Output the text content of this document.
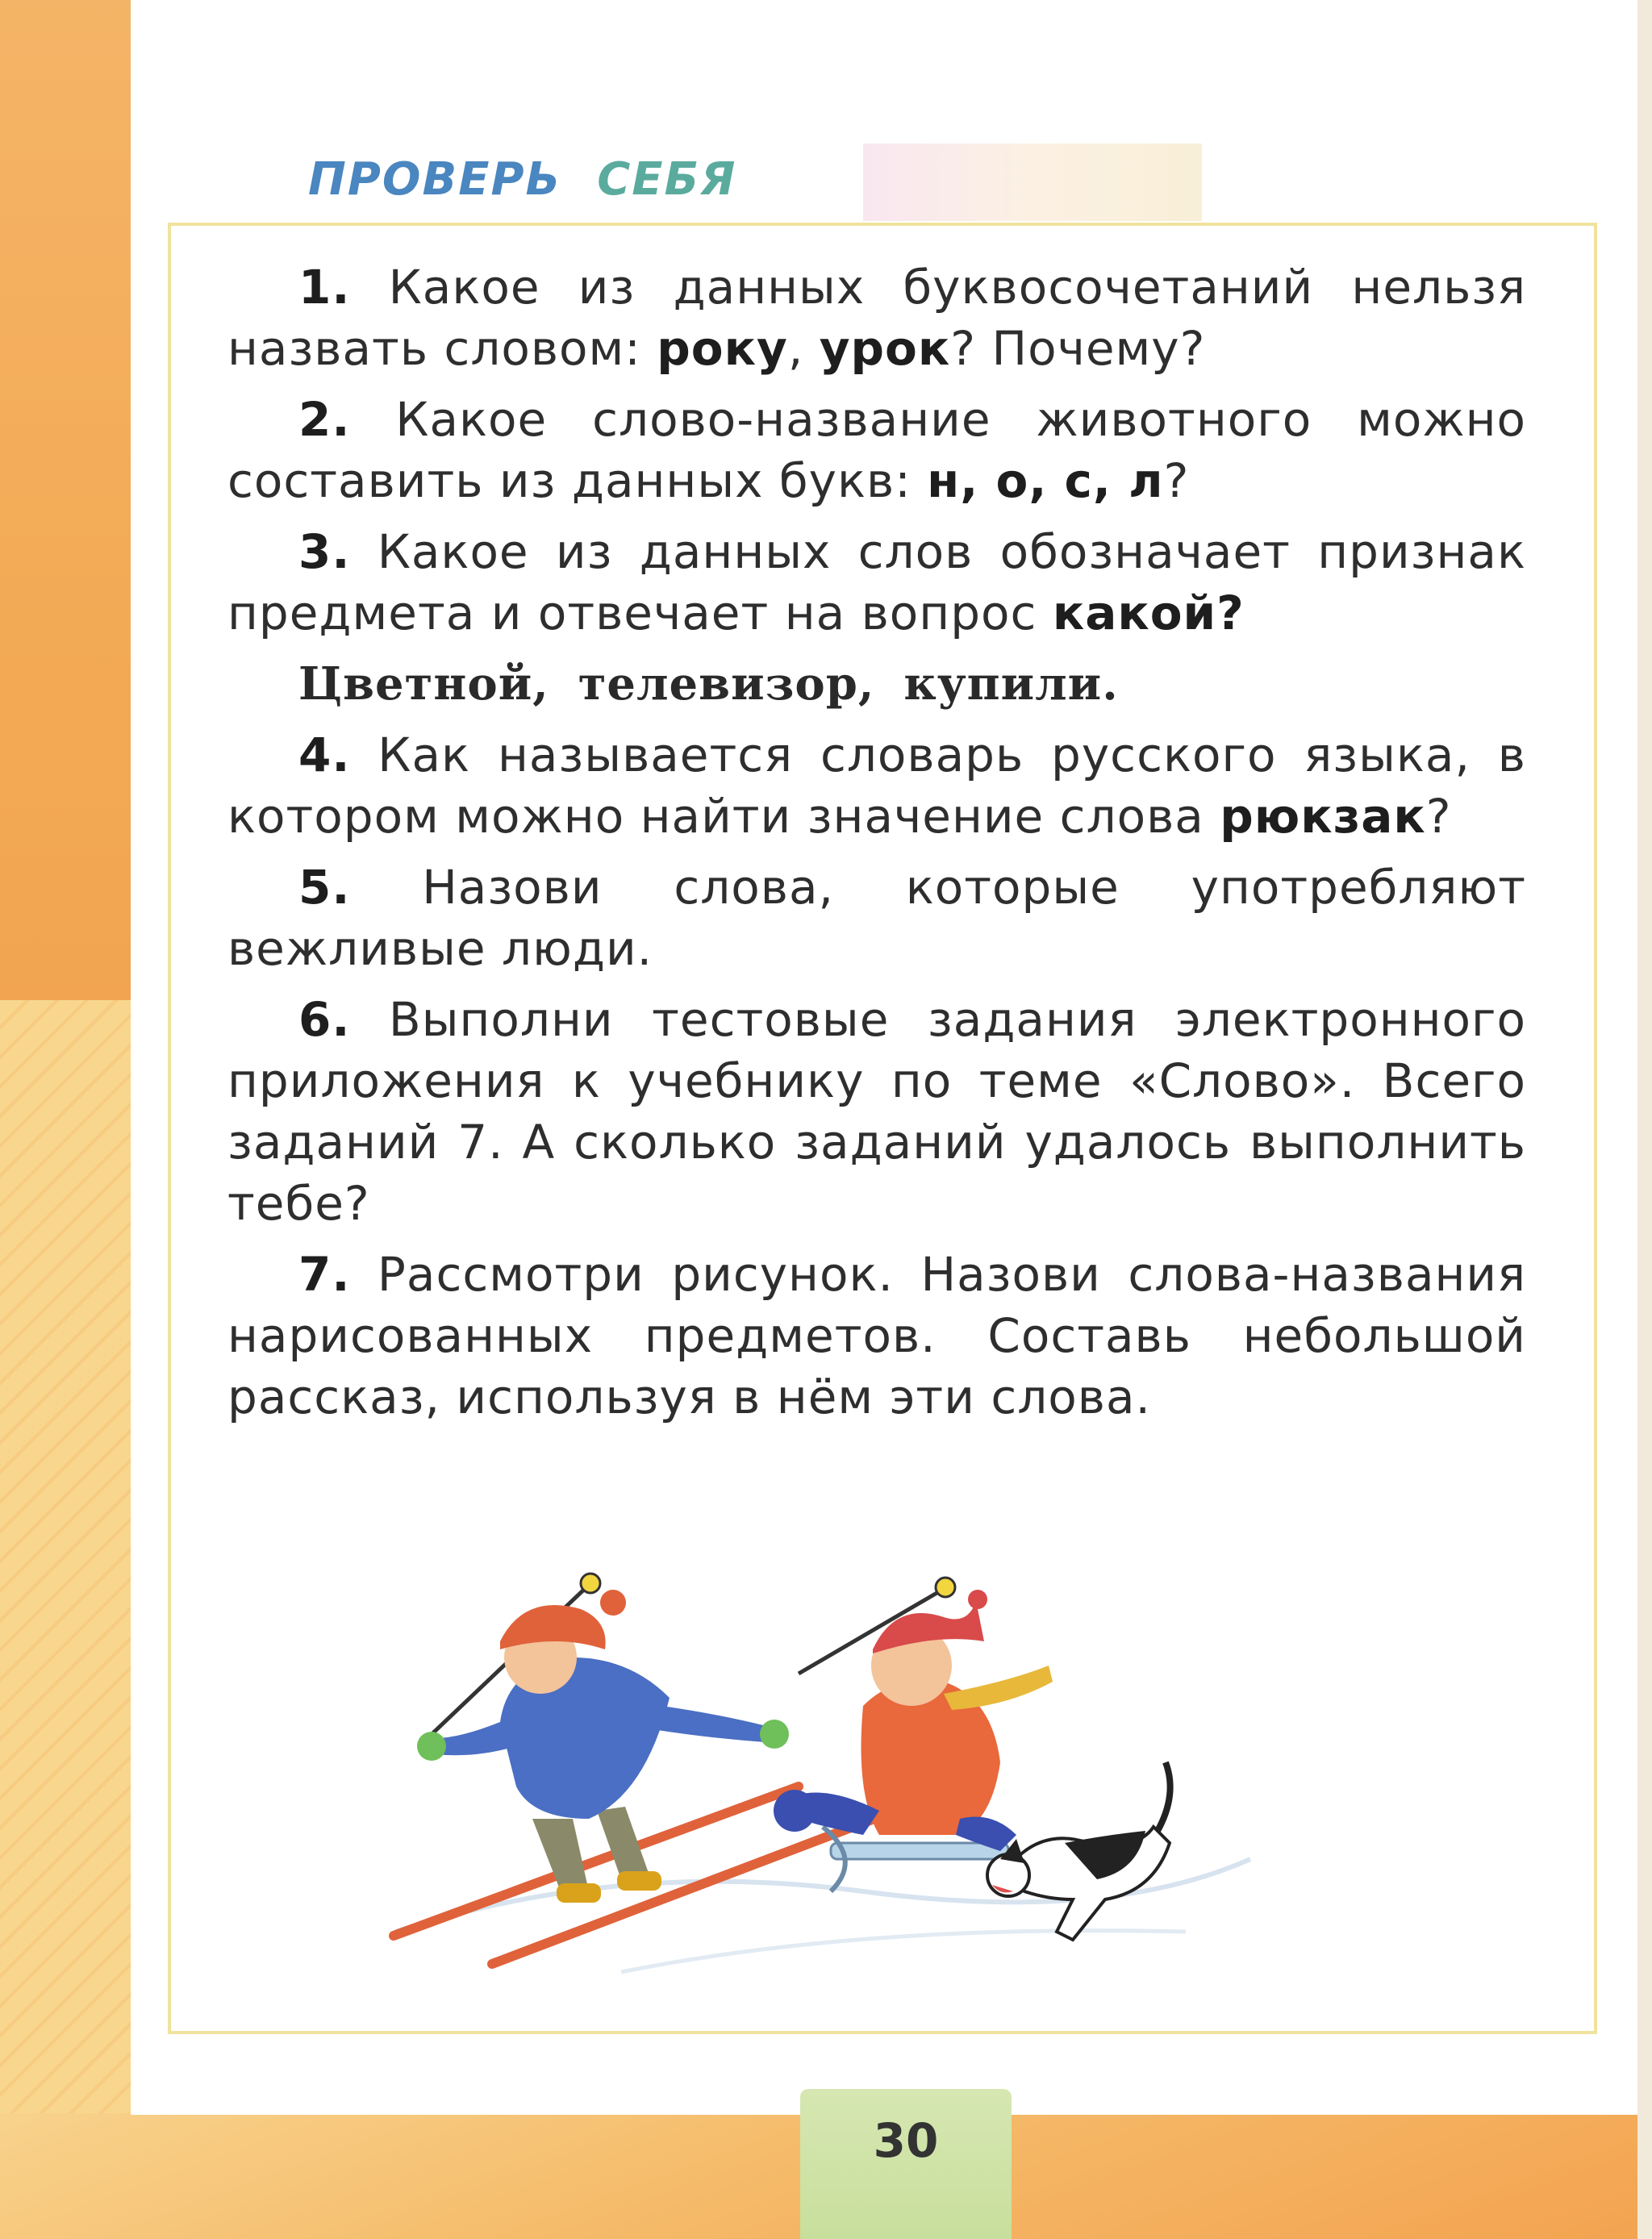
ПРОВЕРЬ СЕБЯ

1. Какое из данных буквосочетаний нельзя назвать словом: року, урок? Почему?

2. Какое слово-название животного можно составить из данных букв: н, о, с, л?

3. Какое из данных слов обозначает признак предмета и отвечает на вопрос какой?

Цветной, телевизор, купили.

4. Как называется словарь русского языка, в котором можно найти значение слова рюкзак?

5. Назови слова, которые употребляют вежливые люди.

6. Выполни тестовые задания электронного приложения к учебнику по теме «Слово». Всего заданий 7. А сколько заданий удалось выполнить тебе?

7. Рассмотри рисунок. Назови слова-названия нарисованных предметов. Составь небольшой рассказ, используя в нём эти слова.

30
